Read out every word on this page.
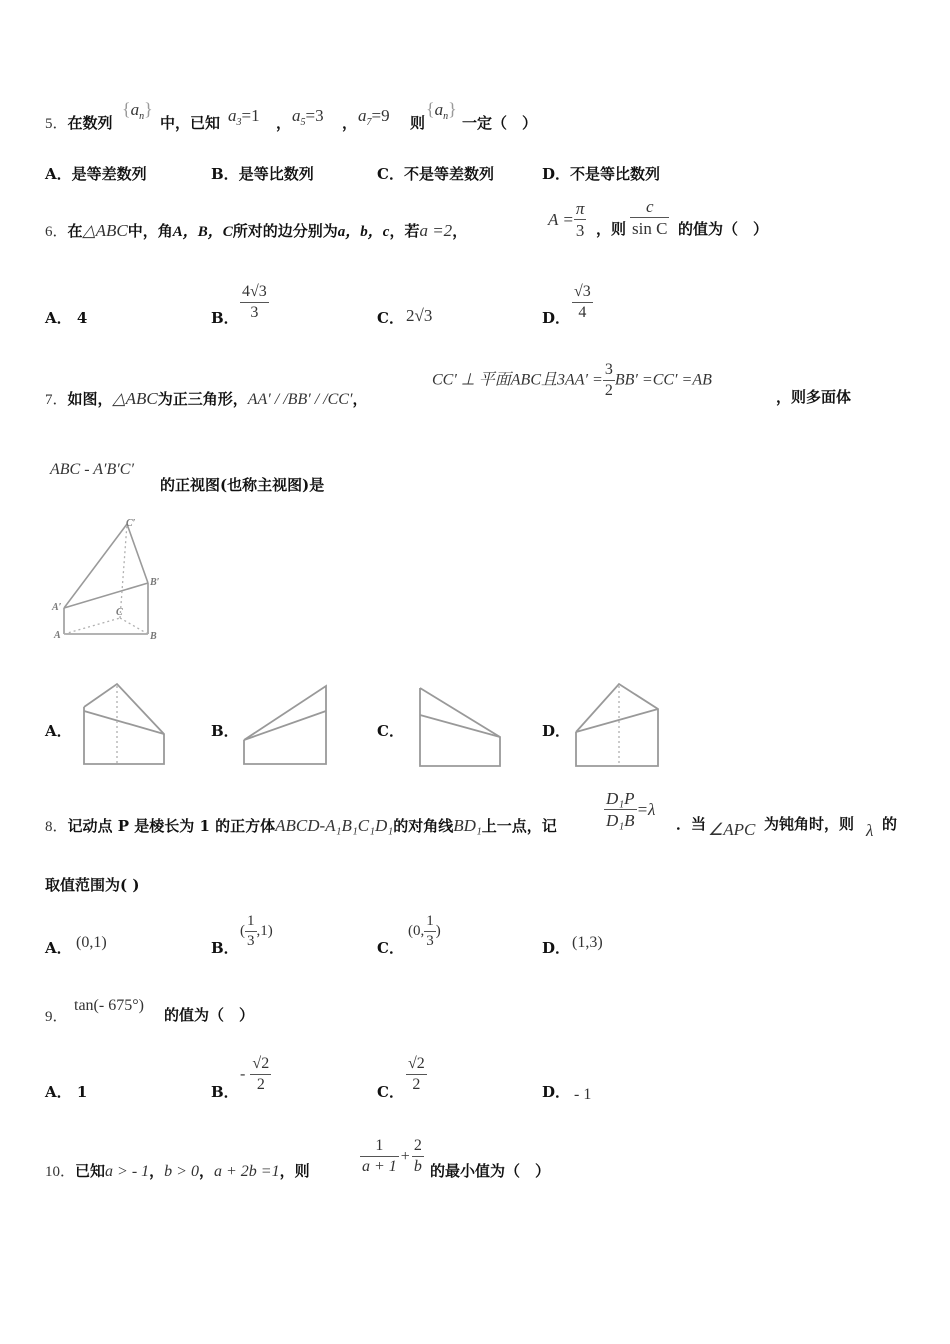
5．在数列
$\{a_n\}$
中，已知 $a_3=1$ ， $a_5=3$ ， $a_7=9$ 则
$\{a_n\}$
一定（　）
A．是等差数列	B．是等比数列	C．不是等差数列	D．不是等比数列
6．在△ABC中，角A，B，C所对的边分别为a，b，c，若a =2，
$A = \frac{\pi}{3}$ ，则 $\frac{c}{\text{sin C}}$ 的值为（　）
A． 4	B． $\frac{4√3}{3}$	C． 2√3	D． $\frac{√3}{4}$
7．如图，△ABC为正三角形，AA′ / /BB′ / /CC′，
CC′ ⊥ 平面ABC且$3AA' = \frac{3}{2} BB' =CC' =AB$
，则多面体
ABC - A′B′C′
的正视图(也称主视图)是
C′
B′
A′	C
A	B
A．	B．	C．	D．
8．记动点 P 是棱长为 1 的正方体ABCD-A₁B₁C₁D₁的对角线BD₁上一点，记	$\frac{\text{D₁P}}{\text{D₁B}} =\lambda$
．当 ∠APC 为钝角时，则 λ 的
取值范围为( )
A． (0,1)	B．
( $\frac{1}{3} ,1$)
C．
(0, $\frac{1}{3}$ )
D． (1,3)
9．
tan(- 675°)
的值为（　）
A． 1	B．
- $\frac{√2}{2}$	C． $\frac{√2}{2}$	D． - 1
10．已知a > - 1，b > 0，a + 2b =1，则	$\frac{1}{a + 1} + \frac{2}{b}$ 的最小值为（　）
